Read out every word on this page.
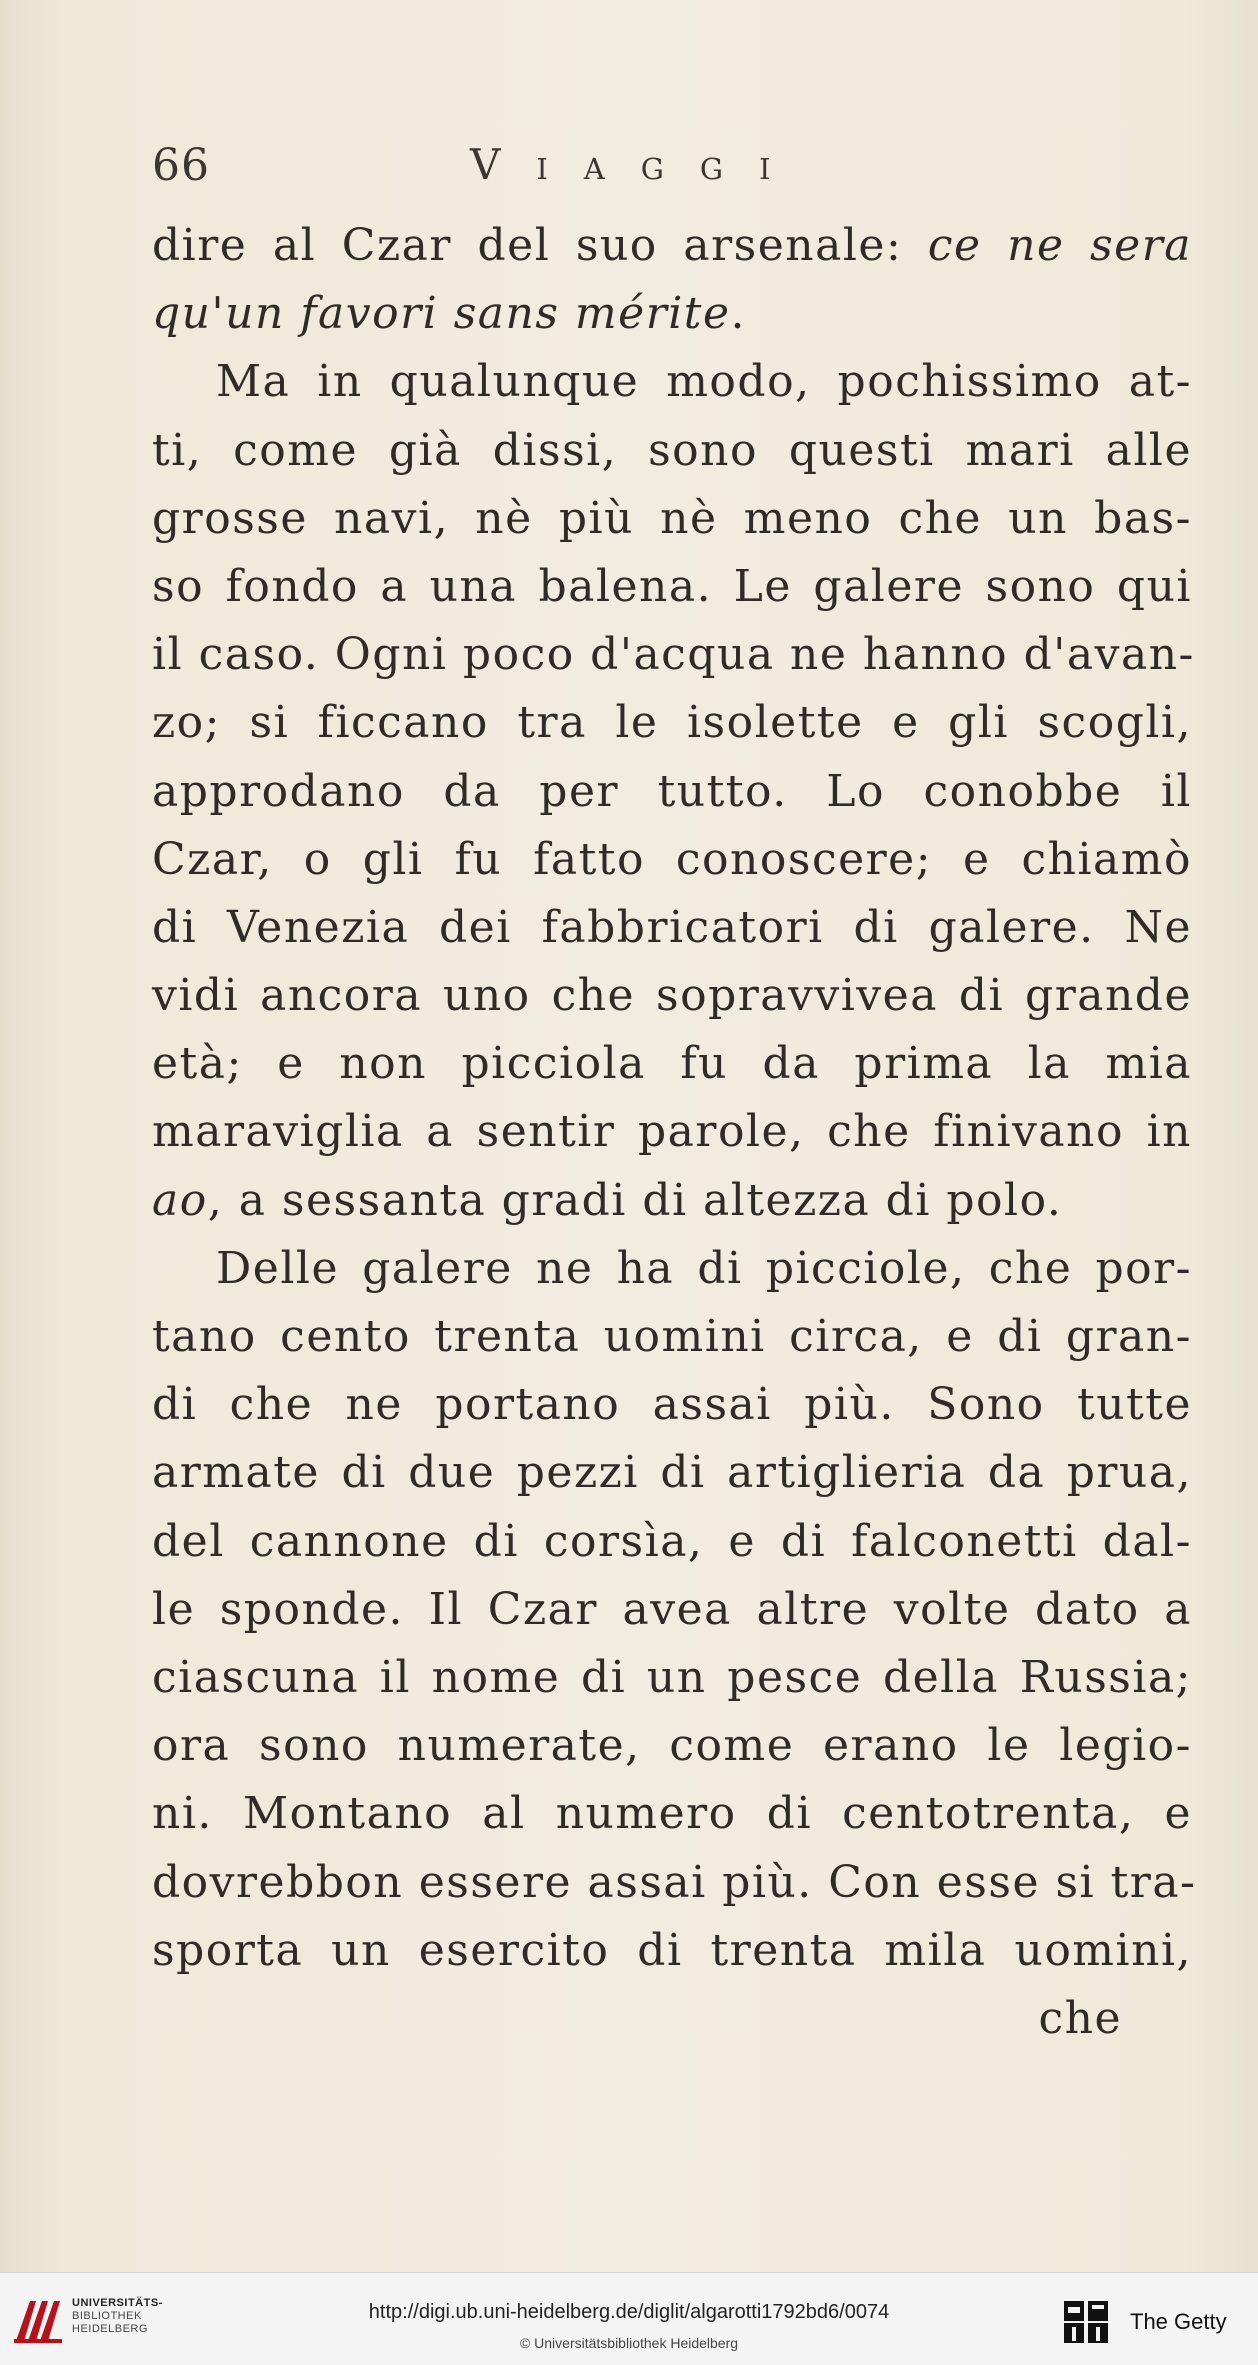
66	Viaggi
dire al Czar del suo arsenale: ce ne sera
qu'un favori sans mérite.
Ma in qualunque modo, pochissimo at-
ti, come già dissi, sono questi mari alle
grosse navi, nè più nè meno che un bas-
so fondo a una balena. Le galere sono qui
il caso. Ogni poco d'acqua ne hanno d'avan-
zo; si ficcano tra le isolette e gli scogli,
approdano da per tutto. Lo conobbe il
Czar, o gli fu fatto conoscere; e chiamò
di Venezia dei fabbricatori di galere. Ne
vidi ancora uno che sopravvivea di grande
età; e non picciola fu da prima la mia
maraviglia a sentir parole, che finivano in
ao, a sessanta gradi di altezza di polo.
Delle galere ne ha di picciole, che por-
tano cento trenta uomini circa, e di gran-
di che ne portano assai più. Sono tutte
armate di due pezzi di artiglieria da prua,
del cannone di corsìa, e di falconetti dal-
le sponde. Il Czar avea altre volte dato a
ciascuna il nome di un pesce della Russia;
ora sono numerate, come erano le legio-
ni. Montano al numero di centotrenta, e
dovrebbon essere assai più. Con esse si tra-
sporta un esercito di trenta mila uomini,
che
UNIVERSITÄTS-
BIBLIOTHEK
HEIDELBERG
http://digi.ub.uni-heidelberg.de/diglit/algarotti1792bd6/0074
© Universitätsbibliothek Heidelberg
The Getty
